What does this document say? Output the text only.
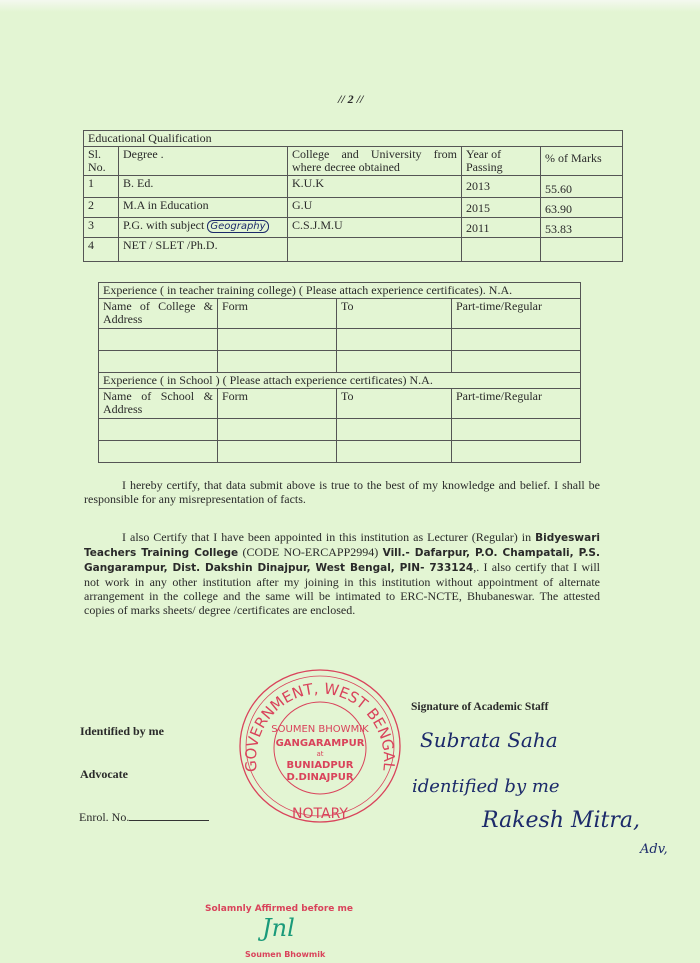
// 2 //
Educational Qualification				
Sl. No.	Degree .	College and University from where decree obtained	Year of Passing	% of Marks
1	B. Ed.	K.U.K	2013	55.60
2	M.A in Education	G.U	2015	63.90
3	P.G. with subject Geography	C.S.J.M.U	2011	53.83
4	NET / SLET /Ph.D.			
Experience ( in teacher training college) ( Please attach experience certificates). N.A.			
Name of College & Address	Form	To	Part-time/Regular

Experience ( in School ) ( Please attach experience certificates) N.A.			
Name of School & Address	Form	To	Part-time/Regular

I hereby certify, that data submit above is true to the best of my knowledge and belief. I shall be responsible for any misrepresentation of facts.
I also Certify that I have been appointed in this institution as Lecturer (Regular) in Bidyeswari Teachers Training College (CODE NO-ERCAPP2994) Vill.- Dafarpur, P.O. Champatali, P.S. Gangarampur, Dist. Dakshin Dinajpur, West Bengal, PIN- 733124,. I also certify that I will not work in any other institution after my joining in this institution without appointment of alternate arrangement in the college and the same will be intimated to ERC-NCTE, Bhubaneswar. The attested copies of marks sheets/ degree /certificates are enclosed.
Identified by me
Advocate
Enrol. No.
GOVERNMENT, WEST BENGAL
NOTARY
SOUMEN BHOWMIK
GANGARAMPUR
at
BUNIADPUR
D.DINAJPUR
Signature of Academic Staff
Subrata Saha
identified by me
Rakesh Mitra,
Adv,
Solamnly Affirmed before me
Jnl
Soumen Bhowmik
